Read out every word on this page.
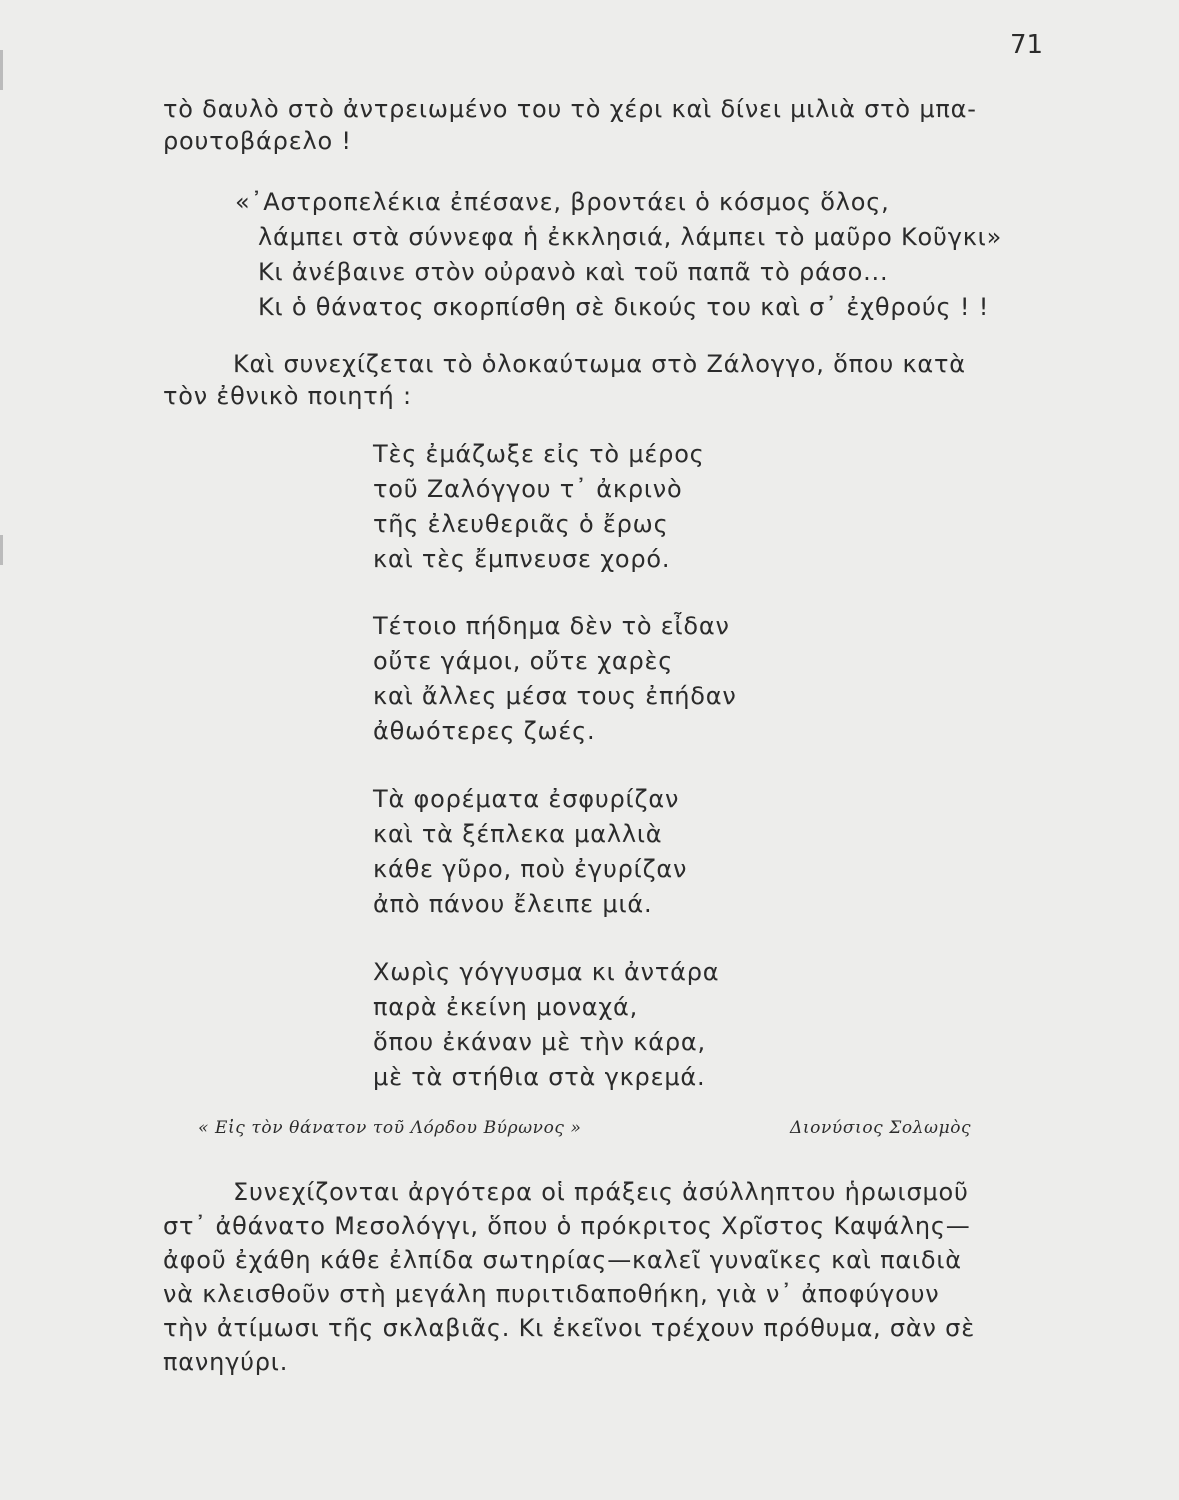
71
τὸ δαυλὸ στὸ ἀντρειωμένο του τὸ χέρι καὶ δίνει μιλιὰ στὸ μπα-
ρουτοβάρελο !
«᾿Αστροπελέκια ἐπέσανε, βροντάει ὁ κόσμος ὅλος,
λάμπει στὰ σύννεφα ἡ ἐκκλησιά, λάμπει τὸ μαῦρο Κοῦγκι»
Κι ἀνέβαινε στὸν οὐρανὸ καὶ τοῦ παπᾶ τὸ ράσο...
Κι ὁ θάνατος σκορπίσθη σὲ δικούς του καὶ σ᾿ ἐχθρούς ! !
Καὶ συνεχίζεται τὸ ὁλοκαύτωμα στὸ Ζάλογγο, ὅπου κατὰ
τὸν ἐθνικὸ ποιητή :
Τὲς ἐμάζωξε εἰς τὸ μέρος
τοῦ Ζαλόγγου τ᾿ ἀκρινὸ
τῆς ἐλευθεριᾶς ὁ ἔρως
καὶ τὲς ἔμπνευσε χορό.
Τέτοιο πήδημα δὲν τὸ εἶδαν
οὔτε γάμοι, οὔτε χαρὲς
καὶ ἄλλες μέσα τους ἐπήδαν
ἀθωότερες ζωές.
Τὰ φορέματα ἐσφυρίζαν
καὶ τὰ ξέπλεκα μαλλιὰ
κάθε γῦρο, ποὺ ἐγυρίζαν
ἀπὸ πάνου ἔλειπε μιά.
Χωρὶς γόγγυσμα κι ἀντάρα
παρὰ ἐκείνη μοναχά,
ὅπου ἐκάναν μὲ τὴν κάρα,
μὲ τὰ στήθια στὰ γκρεμά.
« Εἰς τὸν θάνατον τοῦ Λόρδου Βύρωνος »	Διονύσιος Σολωμὸς
Συνεχίζονται ἀργότερα οἱ πράξεις ἀσύλληπτου ἡρωισμοῦ
στ᾿ ἀθάνατο Μεσολόγγι, ὅπου ὁ πρόκριτος Χρῖστος Καψάλης—
ἀφοῦ ἐχάθη κάθε ἐλπίδα σωτηρίας—καλεῖ γυναῖκες καὶ παιδιὰ
νὰ κλεισθοῦν στὴ μεγάλη πυριτιδαποθήκη, γιὰ ν᾿ ἀποφύγουν
τὴν ἀτίμωσι τῆς σκλαβιᾶς. Κι ἐκεῖνοι τρέχουν πρόθυμα, σὰν σὲ
πανηγύρι.
